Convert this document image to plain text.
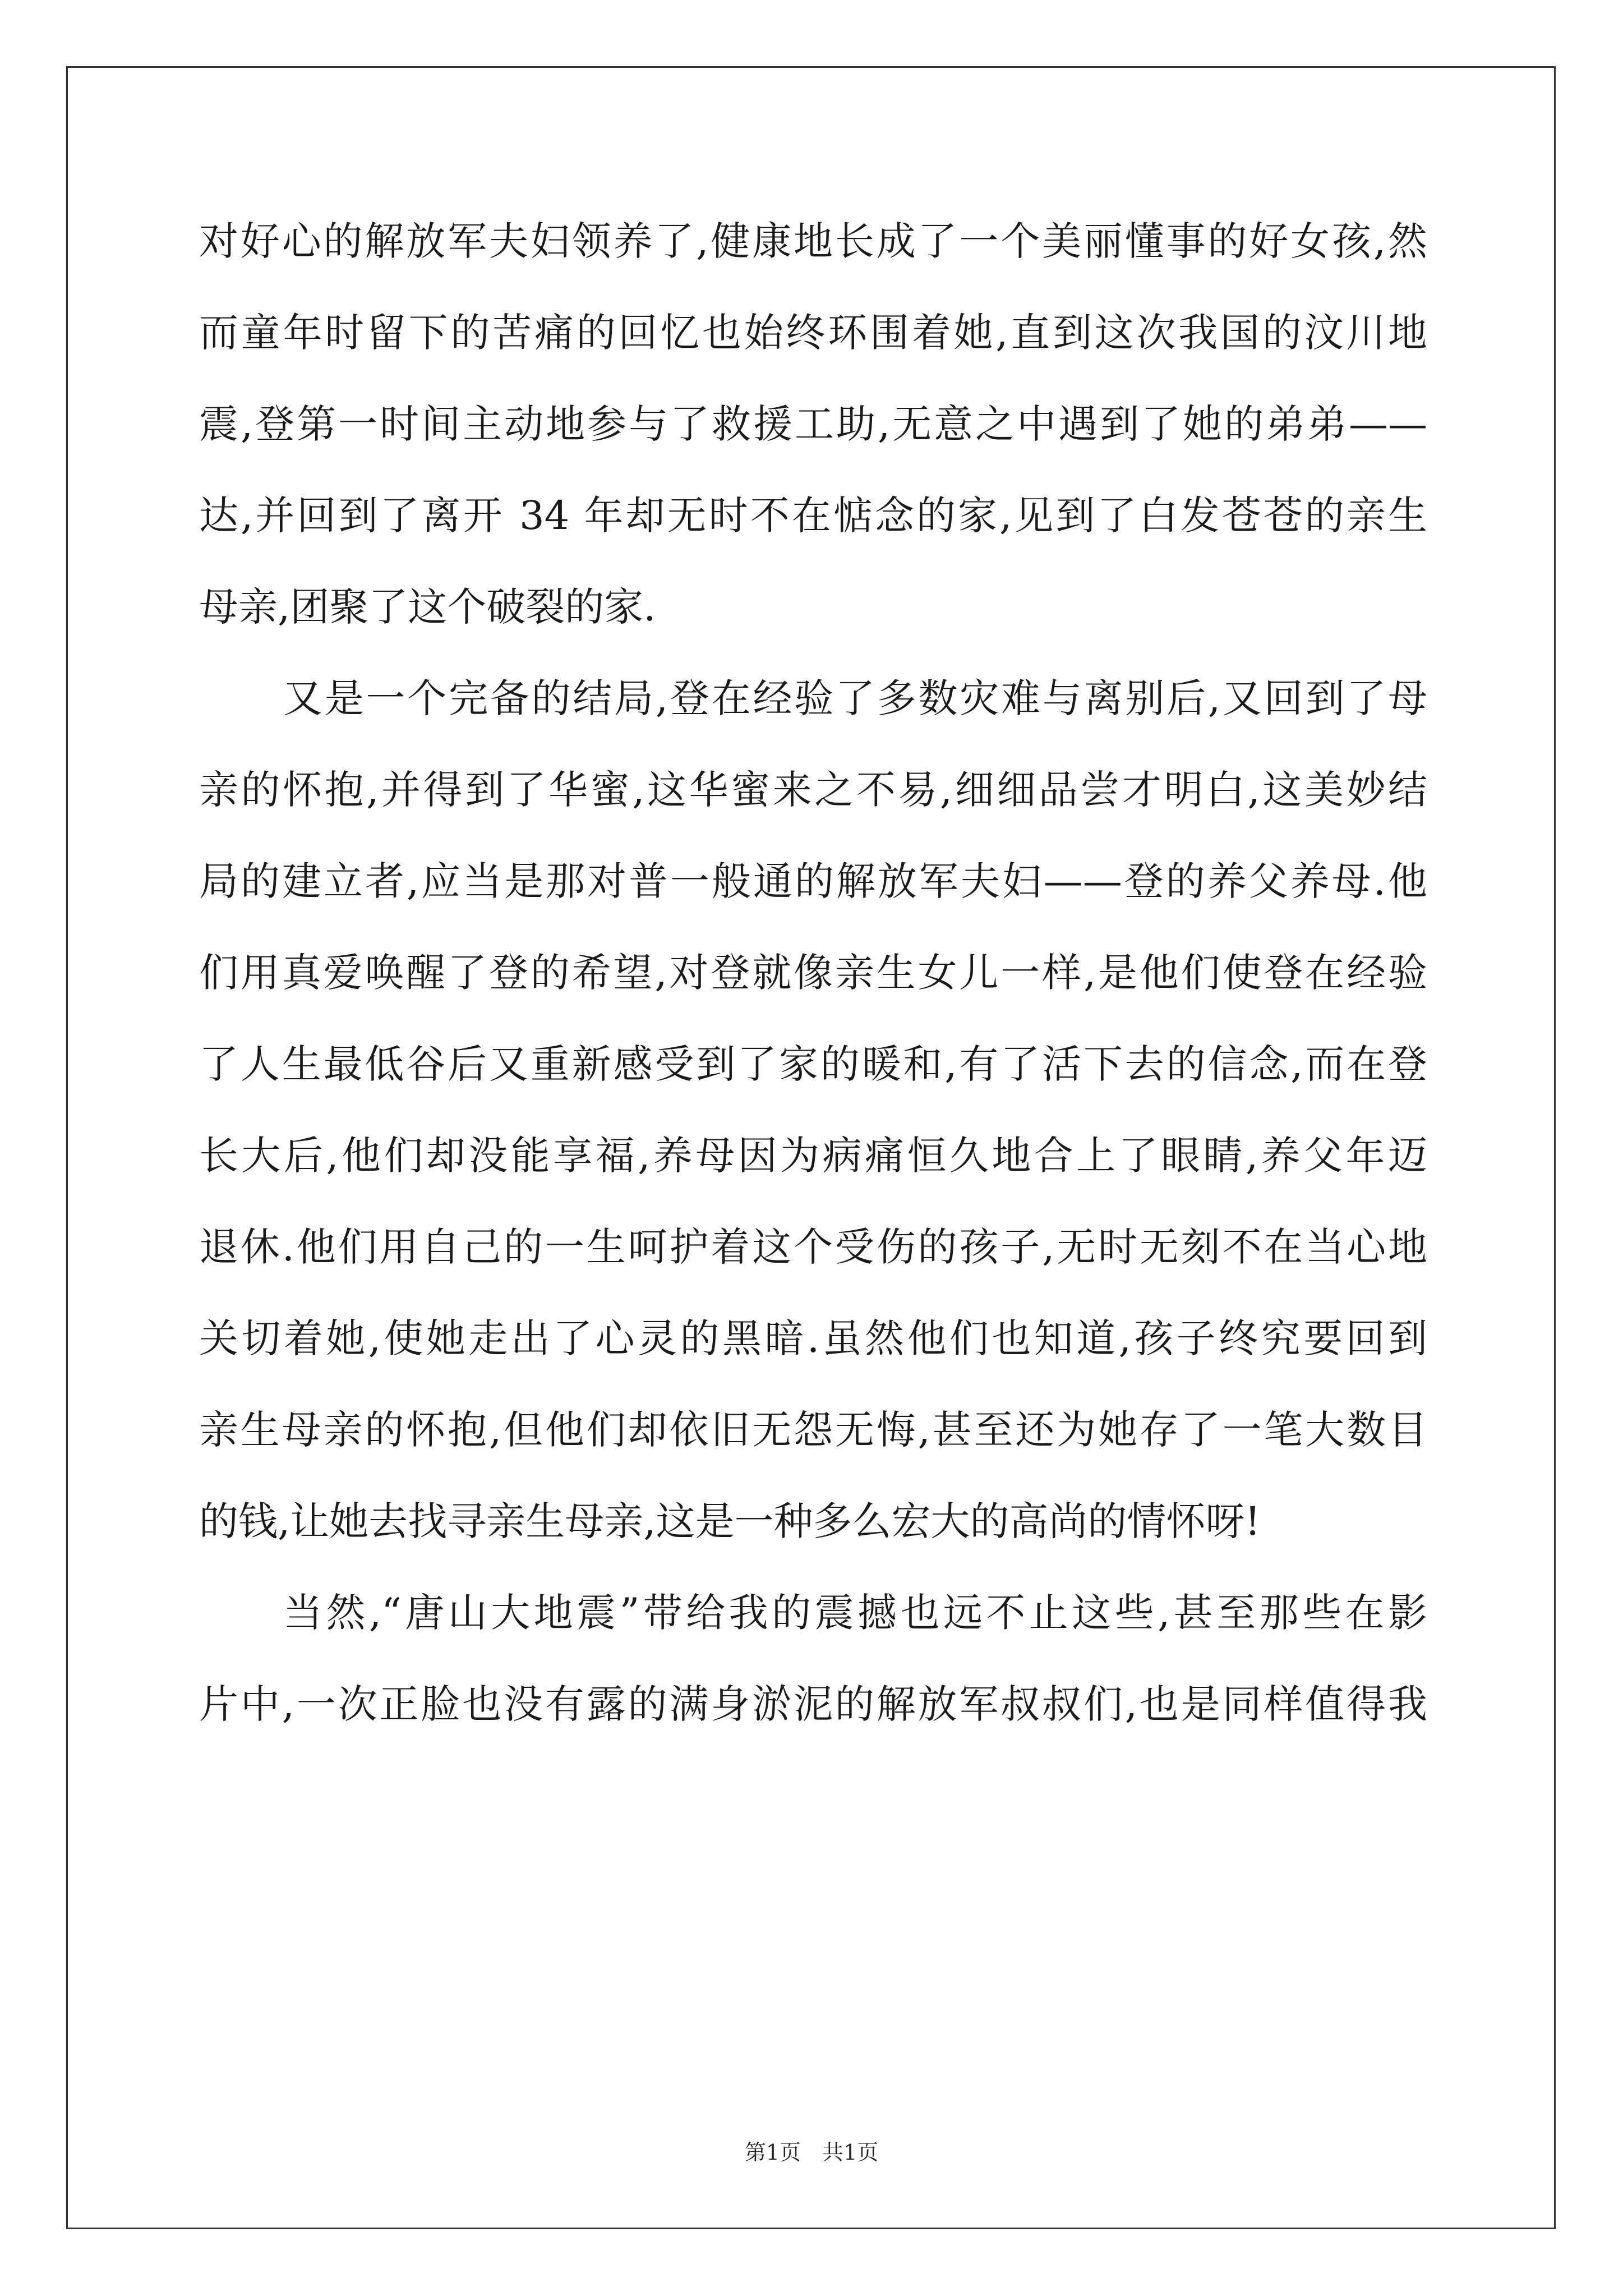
对好心的解放军夫妇领养了,健康地长成了一个美丽懂事的好女孩,然
而童年时留下的苦痛的回忆也始终环围着她,直到这次我国的汶川地
震,登第一时间主动地参与了救援工助,无意之中遇到了她的弟弟——
达,并回到了离开 34 年却无时不在惦念的家,见到了白发苍苍的亲生
母亲,团聚了这个破裂的家.
又是一个完备的结局,登在经验了多数灾难与离别后,又回到了母
亲的怀抱,并得到了华蜜,这华蜜来之不易,细细品尝才明白,这美妙结
局的建立者,应当是那对普一般通的解放军夫妇——登的养父养母.他
们用真爱唤醒了登的希望,对登就像亲生女儿一样,是他们使登在经验
了人生最低谷后又重新感受到了家的暖和,有了活下去的信念,而在登
长大后,他们却没能享福,养母因为病痛恒久地合上了眼睛,养父年迈
退休.他们用自己的一生呵护着这个受伤的孩子,无时无刻不在当心地
关切着她,使她走出了心灵的黑暗.虽然他们也知道,孩子终究要回到
亲生母亲的怀抱,但他们却依旧无怨无悔,甚至还为她存了一笔大数目
的钱,让她去找寻亲生母亲,这是一种多么宏大的高尚的情怀呀!
当然,“唐山大地震”带给我的震撼也远不止这些,甚至那些在影
片中,一次正脸也没有露的满身淤泥的解放军叔叔们,也是同样值得我
第1页　共1页
